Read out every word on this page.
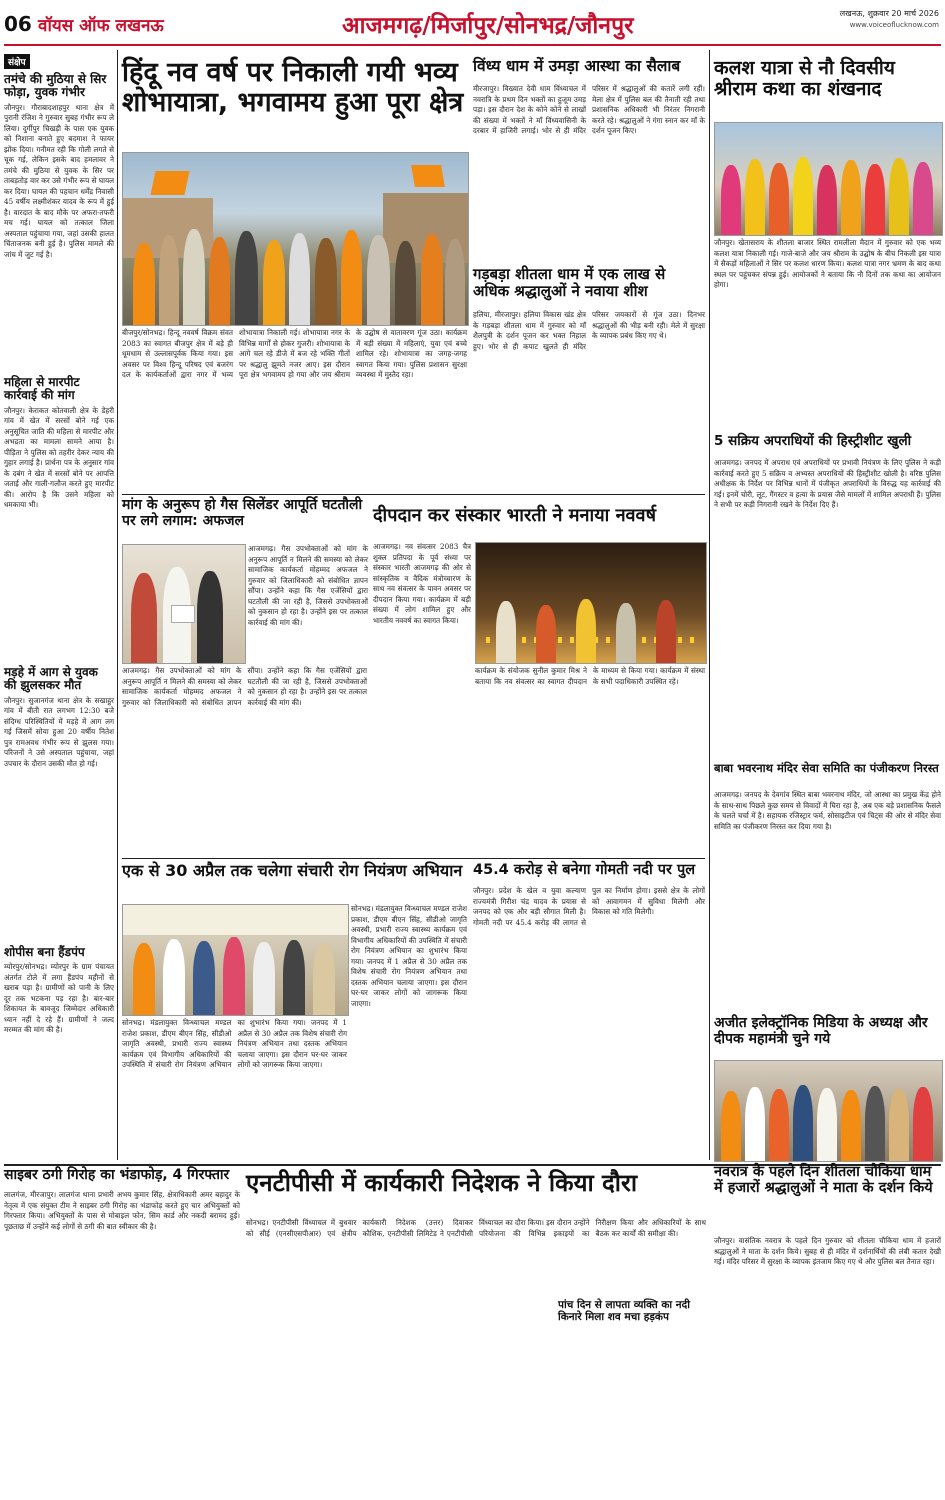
06 वॉयस ऑफ लखनऊ	आजमगढ़/मिर्जापुर/सोनभद्र/जौनपुर	लखनऊ, शुक्रवार 20 मार्च 2026
www.voiceoflucknow.com
संक्षेप
तमंचे की मुठिया से सिर फोड़ा, युवक गंभीर
जौनपुर। गौराबादशाहपुर थाना क्षेत्र में पुरानी रंजिश ने गुरुवार सुबह गंभीर रूप ले लिया। दुर्गीपुर चिखड़ी के पास एक युवक को निशाना बनाते हुए बदमाश ने फायर झोंक दिया। गनीमत रही कि गोली लगते से चूक गई, लेकिन इसके बाद हमलावर ने तमंचे की मुठिया से युवक के सिर पर ताबड़तोड़ वार कर उसे गंभीर रूप से घायल कर दिया। घायल की पहचान धर्मेंद्र निवासी 45 वर्षीय लक्ष्मीशंकर यादव के रूप में हुई है। वारदात के बाद मौके पर अफरा-तफरी मच गई। घायल को तत्काल जिला अस्पताल पहुंचाया गया, जहां उसकी हालत चिंताजनक बनी हुई है। पुलिस मामले की जांच में जुट गई है।
महिला से मारपीट कार्रवाई की मांग
जौनपुर। केराकत कोतवाली क्षेत्र के डेहरी गांव में खेत में सरसों बोने गई एक अनुसूचित जाति की महिला से मारपीट और अभद्रता का मामला सामने आया है। पीड़िता ने पुलिस को तहरीर देकर न्याय की गुहार लगाई है। प्रार्थना पत्र के अनुसार गांव के दबंग ने खेत में सरसों बोने पर आपत्ति जताई और गाली-गलौज करते हुए मारपीट की। आरोप है कि उसने महिला को धमकाया भी।
मड़हे में आग से युवक की झुलसकर मौत
जौनपुर। सुजानगंज थाना क्षेत्र के सखाहुर गांव में बीती रात लगभग 12:30 बजे संदिग्ध परिस्थितियों में मड़हे में आग लग गई जिसमें सोया हुआ 20 वर्षीय नितेश पुत्र रामअवध गंभीर रूप से झुलस गया। परिजनों ने उसे अस्पताल पहुंचाया, जहां उपचार के दौरान उसकी मौत हो गई।
शोपीस बना हैंडपंप
म्योरपुर/सोनभद्र। म्योरपुर के ग्राम पंचायत अंतर्गत टोले में लगा हैंडपंप महीनों से खराब पड़ा है। ग्रामीणों को पानी के लिए दूर तक भटकना पड़ रहा है। बार-बार शिकायत के बावजूद जिम्मेदार अधिकारी ध्यान नहीं दे रहे हैं। ग्रामीणों ने जल्द मरम्मत की मांग की है।
हिंदू नव वर्ष पर निकाली गयी भव्य शोभायात्रा, भगवामय हुआ पूरा क्षेत्र
बीजपुर/सोनभद्र। हिन्दू नववर्ष विक्रम संवत 2083 का स्वागत बीजपुर क्षेत्र में बड़े ही धूमधाम से उल्लासपूर्वक किया गया। इस अवसर पर विश्व हिन्दू परिषद एवं बजरंग दल के कार्यकर्ताओं द्वारा नगर में भव्य शोभायात्रा निकाली गई। शोभायात्रा नगर के विभिन्न मार्गों से होकर गुजरी। शोभायात्रा के आगे चल रहे डीजे में बज रहे भक्ति गीतों पर श्रद्धालु झूमते नजर आए। इस दौरान पूरा क्षेत्र भगवामय हो गया और जय श्रीराम के उद्घोष से वातावरण गूंज उठा। कार्यक्रम में बड़ी संख्या में महिलाएं, युवा एवं बच्चे शामिल रहे। शोभायात्रा का जगह-जगह स्वागत किया गया। पुलिस प्रशासन सुरक्षा व्यवस्था में मुस्तैद रहा।
विंध्य धाम में उमड़ा आस्था का सैलाब
मीरजापुर। विख्यात देवी धाम विंध्याचल में नवरात्रि के प्रथम दिन भक्तों का हुजूम उमड़ पड़ा। इस दौरान देश के कोने कोने से लाखों की संख्या में भक्तों ने माँ विंध्यवासिनी के दरबार में हाजिरी लगाई। भोर से ही मंदिर परिसर में श्रद्धालुओं की कतारें लगी रहीं। मेला क्षेत्र में पुलिस बल की तैनाती रही तथा प्रशासनिक अधिकारी भी निरंतर निगरानी करते रहे। श्रद्धालुओं ने गंगा स्नान कर माँ के दर्शन पूजन किए।
गड़बड़ा शीतला धाम में एक लाख से अधिक श्रद्धालुओं ने नवाया शीश
हलिया, मीरजापुर। हलिया विकास खंड क्षेत्र के गड़बड़ा शीतला धाम में गुरुवार को माँ शैलपुत्री के दर्शन पूजन कर भक्त निहाल हुए। भोर से ही कपाट खुलते ही मंदिर परिसर जयकारों से गूंज उठा। दिनभर श्रद्धालुओं की भीड़ बनी रही। मेले में सुरक्षा के व्यापक प्रबंध किए गए थे।
कलश यात्रा से नौ दिवसीय श्रीराम कथा का शंखनाद
जौनपुर। खेतासराय के शीतला बाजार स्थित रामलीला मैदान में गुरुवार को एक भव्य कलश यात्रा निकाली गई। गाजे-बाजे और जय श्रीराम के उद्घोष के बीच निकली इस यात्रा में सैकड़ों महिलाओं ने सिर पर कलश धारण किया। कलश यात्रा नगर भ्रमण के बाद कथा स्थल पर पहुंचकर संपन्न हुई। आयोजकों ने बताया कि नौ दिनों तक कथा का आयोजन होगा।
5 सक्रिय अपराधियों की हिस्ट्रीशीट खुली
आजमगढ़। जनपद में अपराध एवं अपराधियों पर प्रभावी नियंत्रण के लिए पुलिस ने कड़ी कार्रवाई करते हुए 5 सक्रिय व अभ्यस्त अपराधियों की हिस्ट्रीशीट खोली है। वरिष्ठ पुलिस अधीक्षक के निर्देश पर विभिन्न थानों में पंजीकृत अपराधियों के विरुद्ध यह कार्रवाई की गई। इनमें चोरी, लूट, गैंगस्टर व हत्या के प्रयास जैसे मामलों में शामिल अपराधी हैं। पुलिस ने सभी पर कड़ी निगरानी रखने के निर्देश दिए हैं।
मांग के अनुरूप हो गैस सिलेंडर आपूर्ति घटतौली पर लगे लगाम: अफजल
आजमगढ़। गैस उपभोक्ताओं को मांग के अनुरूप आपूर्ति न मिलने की समस्या को लेकर सामाजिक कार्यकर्ता मोहम्मद अफजल ने गुरुवार को जिलाधिकारी को संबोधित ज्ञापन सौंपा। उन्होंने कहा कि गैस एजेंसियों द्वारा घटतौली की जा रही है, जिससे उपभोक्ताओं को नुकसान हो रहा है। उन्होंने इस पर तत्काल कार्रवाई की मांग की।
आजमगढ़। गैस उपभोक्ताओं को मांग के अनुरूप आपूर्ति न मिलने की समस्या को लेकर सामाजिक कार्यकर्ता मोहम्मद अफजल ने गुरुवार को जिलाधिकारी को संबोधित ज्ञापन सौंपा। उन्होंने कहा कि गैस एजेंसियों द्वारा घटतौली की जा रही है, जिससे उपभोक्ताओं को नुकसान हो रहा है। उन्होंने इस पर तत्काल कार्रवाई की मांग की।
दीपदान कर संस्कार भारती ने मनाया नववर्ष
आजमगढ़। नव संवत्सर 2083 चैत्र शुक्ल प्रतिपदा के पूर्व संध्या पर संस्कार भारती आजमगढ़ की ओर से सांस्कृतिक व वैदिक मंत्रोच्चारण के साथ नव संवत्सर के पावन अवसर पर दीपदान किया गया। कार्यक्रम में बड़ी संख्या में लोग शामिल हुए और भारतीय नववर्ष का स्वागत किया।
कार्यक्रम के संयोजक सुनील कुमार मिश्र ने बताया कि नव संवत्सर का स्वागत दीपदान के माध्यम से किया गया। कार्यक्रम में संस्था के सभी पदाधिकारी उपस्थित रहे।
एक से 30 अप्रैल तक चलेगा संचारी रोग नियंत्रण अभियान
सोनभद्र। मंडलायुक्त विन्ध्याचल मण्डल राजेश प्रकाश, डीएम बीएन सिंह, सीडीओ जागृति अवस्थी, प्रभारी राज्य स्वास्थ्य कार्यक्रम एवं विभागीय अधिकारियों की उपस्थिति में संचारी रोग नियंत्रण अभियान का शुभारंभ किया गया। जनपद में 1 अप्रैल से 30 अप्रैल तक विशेष संचारी रोग नियंत्रण अभियान तथा दस्तक अभियान चलाया जाएगा। इस दौरान घर-घर जाकर लोगों को जागरूक किया जाएगा।
सोनभद्र। मंडलायुक्त विन्ध्याचल मण्डल राजेश प्रकाश, डीएम बीएन सिंह, सीडीओ जागृति अवस्थी, प्रभारी राज्य स्वास्थ्य कार्यक्रम एवं विभागीय अधिकारियों की उपस्थिति में संचारी रोग नियंत्रण अभियान का शुभारंभ किया गया। जनपद में 1 अप्रैल से 30 अप्रैल तक विशेष संचारी रोग नियंत्रण अभियान तथा दस्तक अभियान चलाया जाएगा। इस दौरान घर-घर जाकर लोगों को जागरूक किया जाएगा।
45.4 करोड़ से बनेगा गोमती नदी पर पुल
जौनपुर। प्रदेश के खेल व युवा कल्याण राज्यमंत्री गिरीश चंद्र यादव के प्रयास से जनपद को एक और बड़ी सौगात मिली है। गोमती नदी पर 45.4 करोड़ की लागत से पुल का निर्माण होगा। इससे क्षेत्र के लोगों को आवागमन में सुविधा मिलेगी और विकास को गति मिलेगी।
बाबा भवरनाथ मंदिर सेवा समिति का पंजीकरण निरस्त
आजमगढ़। जनपद के देवगांव स्थित बाबा भवरनाथ मंदिर, जो आस्था का प्रमुख केंद्र होने के साथ-साथ पिछले कुछ समय से विवादों में घिरा रहा है, अब एक बड़े प्रशासनिक फैसले के चलते चर्चा में है। सहायक रजिस्ट्रार फर्म, सोसाइटीज एवं चिट्स की ओर से मंदिर सेवा समिति का पंजीकरण निरस्त कर दिया गया है।
अजीत इलेक्ट्रॉनिक मिडिया के अध्यक्ष और दीपक महामंत्री चुने गये
साइबर ठगी गिरोह का भंडाफोड़, 4 गिरफ्तार
लालगंज, मीरजापुर। लालगंज थाना प्रभारी अभय कुमार सिंह, क्षेत्राधिकारी अमर बहादुर के नेतृत्व में एक संयुक्त टीम ने साइबर ठगी गिरोह का भंडाफोड़ करते हुए चार अभियुक्तों को गिरफ्तार किया। अभियुक्तों के पास से मोबाइल फोन, सिम कार्ड और नकदी बरामद हुई। पूछताछ में उन्होंने कई लोगों से ठगी की बात स्वीकार की है।
एनटीपीसी में कार्यकारी निदेशक ने किया दौरा
सोनभद्र। एनटीपीसी विंध्याचल में बुधवार को सीई (एनसीएसपीआर) एवं क्षेत्रीय कार्यकारी निदेशक (उत्तर) दिवाकर कौशिक, एनटीपीसी लिमिटेड ने एनटीपीसी विंध्याचल का दौरा किया। इस दौरान उन्होंने परियोजना की विभिन्न इकाइयों का निरीक्षण किया और अधिकारियों के साथ बैठक कर कार्यों की समीक्षा की।
पांच दिन से लापता व्यक्ति का नदी किनारे मिला शव मचा हड़कंप
नवरात्र के पहले दिन शीतला चौकिया धाम में हजारों श्रद्धालुओं ने माता के दर्शन किये
जौनपुर। वासंतिक नवरात्र के पहले दिन गुरुवार को शीतला चौकिया धाम में हजारों श्रद्धालुओं ने माता के दर्शन किये। सुबह से ही मंदिर में दर्शनार्थियों की लंबी कतार देखी गई। मंदिर परिसर में सुरक्षा के व्यापक इंतजाम किए गए थे और पुलिस बल तैनात रहा।
